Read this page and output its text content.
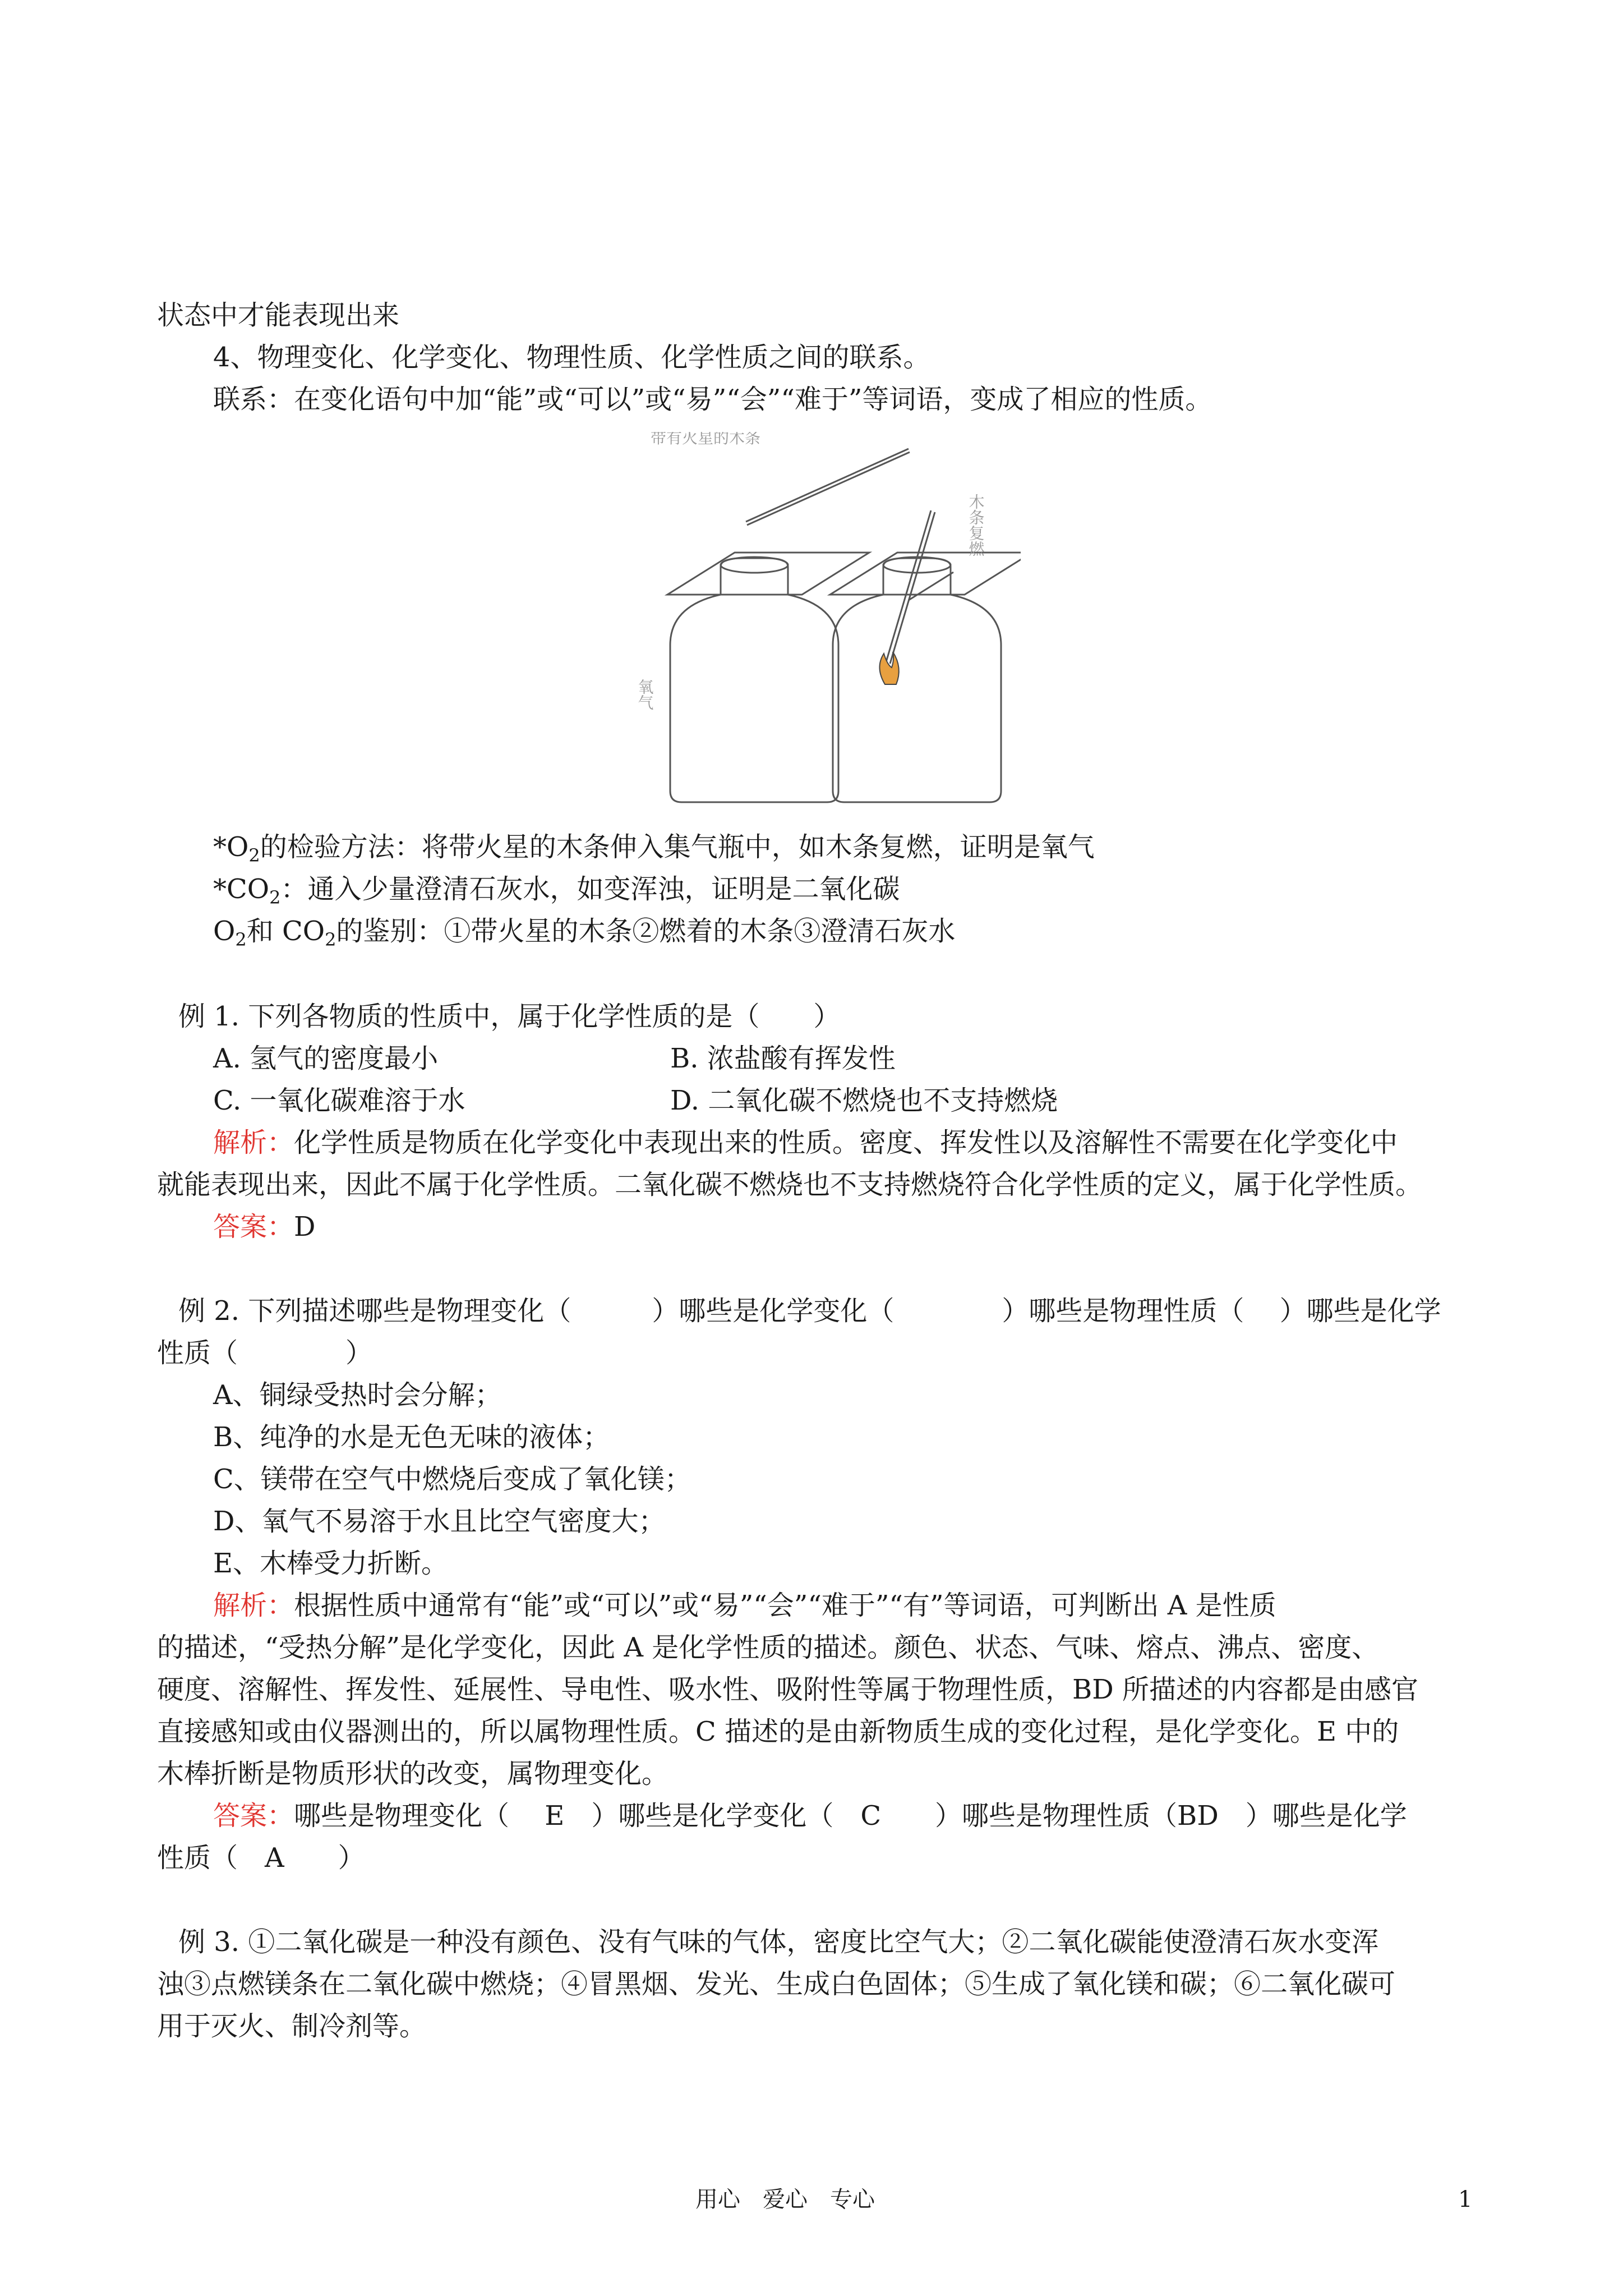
状态中才能表现出来
4、物理变化、化学变化、物理性质、化学性质之间的联系。
联系：在变化语句中加“能”或“可以”或“易”“会”“难于”等词语，变成了相应的性质。
带有火星的木条
木条复燃
氧气
$*O_2$的检验方法：将带火星的木条伸入集气瓶中，如木条复燃，证明是氧气
$*CO_2$：通入少量澄清石灰水，如变浑浊，证明是二氧化碳
$O_2$和 $CO_2$的鉴别：①带火星的木条②燃着的木条③澄清石灰水
例 1. 下列各物质的性质中，属于化学性质的是（　　）
A. 氢气的密度最小	B. 浓盐酸有挥发性
C. 一氧化碳难溶于水	D. 二氧化碳不燃烧也不支持燃烧
解析：化学性质是物质在化学变化中表现出来的性质。密度、挥发性以及溶解性不需要在化学变化中
就能表现出来，因此不属于化学性质。二氧化碳不燃烧也不支持燃烧符合化学性质的定义，属于化学性质。
答案：D
例 2. 下列描述哪些是物理变化（　　　）哪些是化学变化（　　　　）哪些是物理性质（　 ）哪些是化学
性质（　　　　）
A、铜绿受热时会分解；
B、纯净的水是无色无味的液体；
C、镁带在空气中燃烧后变成了氧化镁；
D、氧气不易溶于水且比空气密度大；
E、木棒受力折断。
解析：根据性质中通常有“能”或“可以”或“易”“会”“难于”“有”等词语，可判断出 A 是性质
的描述，“受热分解”是化学变化，因此 A 是化学性质的描述。颜色、状态、气味、熔点、沸点、密度、
硬度、溶解性、挥发性、延展性、导电性、吸水性、吸附性等属于物理性质，BD 所描述的内容都是由感官
直接感知或由仪器测出的，所以属物理性质。C 描述的是由新物质生成的变化过程，是化学变化。E 中的
木棒折断是物质形状的改变，属物理变化。
答案：哪些是物理变化（　 E　）哪些是化学变化（　C　　）哪些是物理性质（BD　）哪些是化学
性质（　A　　）
例 3. ①二氧化碳是一种没有颜色、没有气味的气体，密度比空气大；②二氧化碳能使澄清石灰水变浑
浊③点燃镁条在二氧化碳中燃烧；④冒黑烟、发光、生成白色固体；⑤生成了氧化镁和碳；⑥二氧化碳可
用于灭火、制冷剂等。
用心　爱心　专心	1
